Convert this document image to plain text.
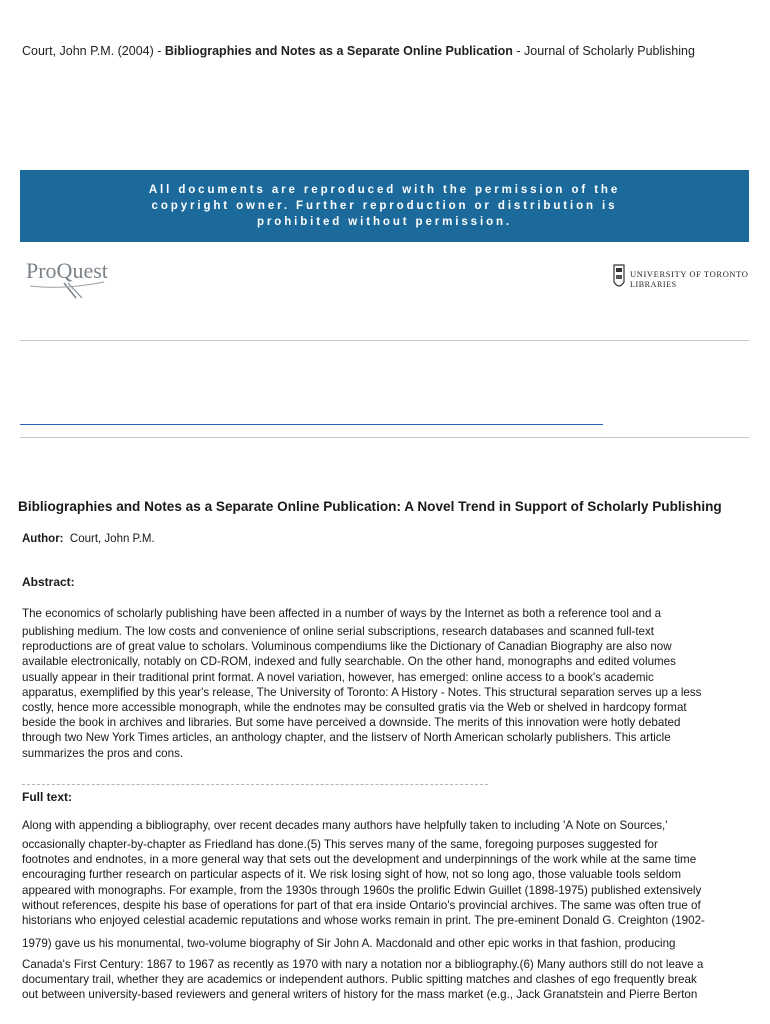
Court, John P.M. (2004) - Bibliographies and Notes as a Separate Online Publication - Journal of Scholarly Publishing
All documents are reproduced with the permission of the copyright owner. Further reproduction or distribution is prohibited without permission.
ProQuest	UNIVERSITY OF TORONTO
LIBRARIES
Bibliographies and Notes as a Separate Online Publication: A Novel Trend in Support of Scholarly Publishing
Author: Court, John P.M.
Abstract:
The economics of scholarly publishing have been affected in a number of ways by the Internet as both a reference tool and a
publishing medium. The low costs and convenience of online serial subscriptions, research databases and scanned full-text
reproductions are of great value to scholars. Voluminous compendiums like the Dictionary of Canadian Biography are also now
available electronically, notably on CD-ROM, indexed and fully searchable. On the other hand, monographs and edited volumes
usually appear in their traditional print format. A novel variation, however, has emerged: online access to a book's academic
apparatus, exemplified by this year's release, The University of Toronto: A History - Notes. This structural separation serves up a less
costly, hence more accessible monograph, while the endnotes may be consulted gratis via the Web or shelved in hardcopy format
beside the book in archives and libraries. But some have perceived a downside. The merits of this innovation were hotly debated
through two New York Times articles, an anthology chapter, and the listserv of North American scholarly publishers. This article
summarizes the pros and cons.
Full text:
Along with appending a bibliography, over recent decades many authors have helpfully taken to including 'A Note on Sources,'
occasionally chapter-by-chapter as Friedland has done.(5) This serves many of the same, foregoing purposes suggested for
footnotes and endnotes, in a more general way that sets out the development and underpinnings of the work while at the same time
encouraging further research on particular aspects of it. We risk losing sight of how, not so long ago, those valuable tools seldom
appeared with monographs. For example, from the 1930s through 1960s the prolific Edwin Guillet (1898-1975) published extensively
without references, despite his base of operations for part of that era inside Ontario's provincial archives. The same was often true of
historians who enjoyed celestial academic reputations and whose works remain in print. The pre-eminent Donald G. Creighton (1902-
1979) gave us his monumental, two-volume biography of Sir John A. Macdonald and other epic works in that fashion, producing
Canada's First Century: 1867 to 1967 as recently as 1970 with nary a notation nor a bibliography.(6) Many authors still do not leave a
documentary trail, whether they are academics or independent authors. Public spitting matches and clashes of ego frequently break
out between university-based reviewers and general writers of history for the mass market (e.g., Jack Granatstein and Pierre Berton
